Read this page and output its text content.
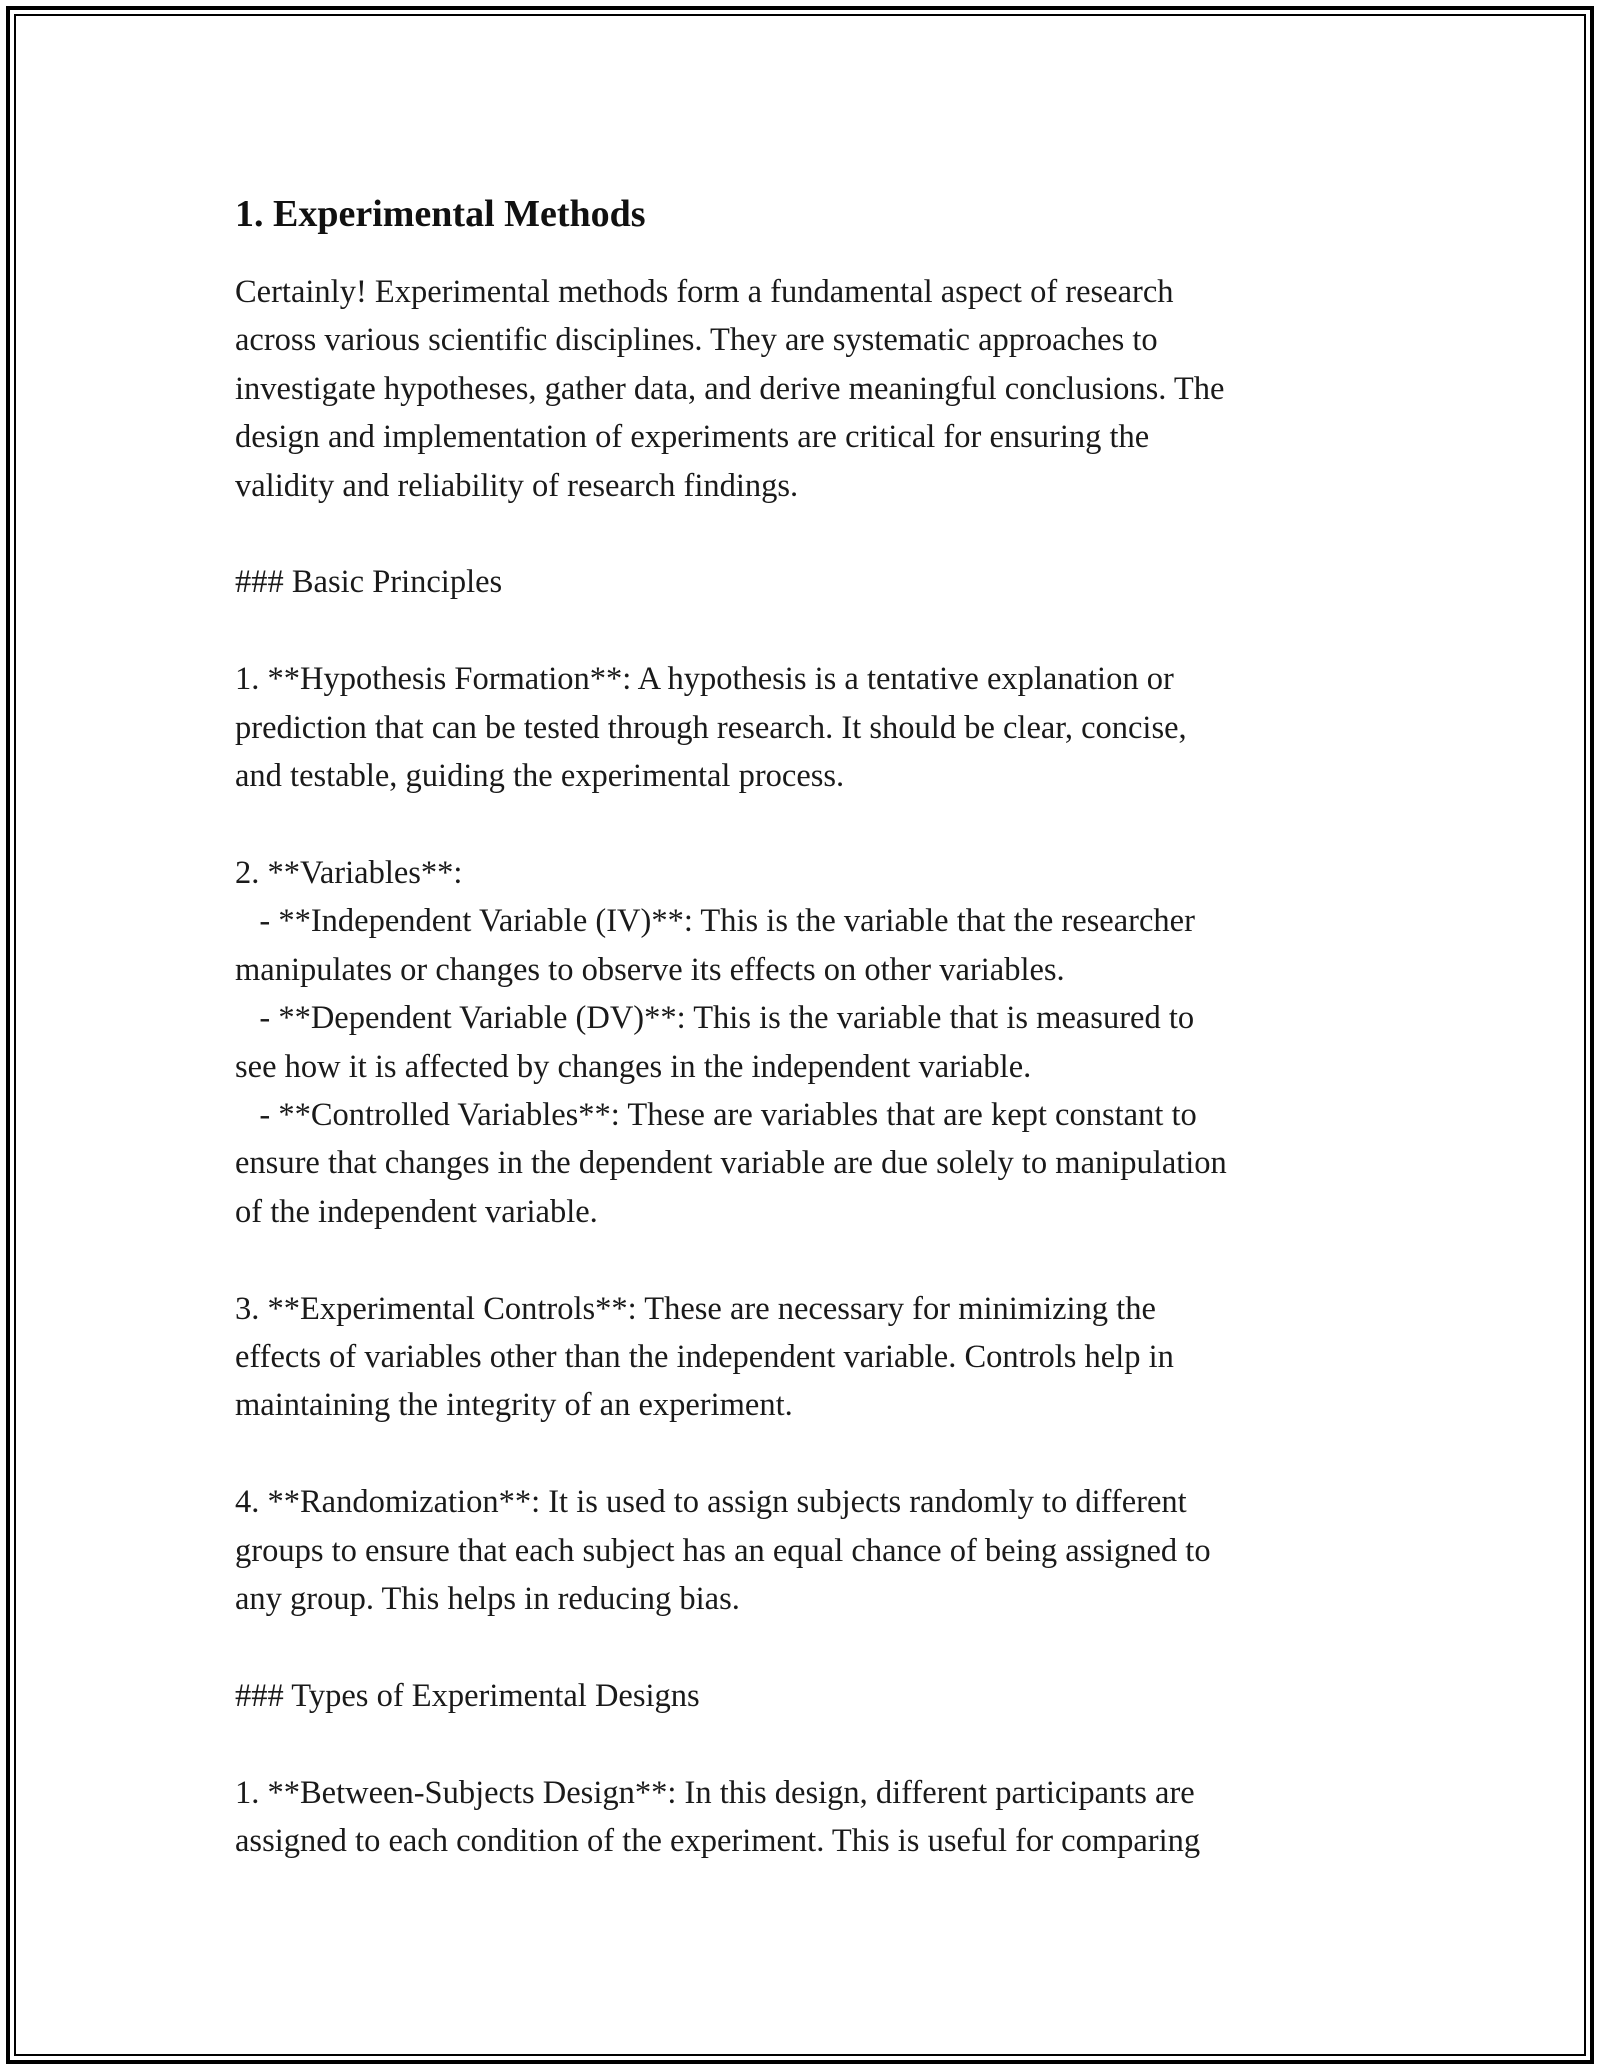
1. Experimental Methods

Certainly! Experimental methods form a fundamental aspect of research
across various scientific disciplines. They are systematic approaches to
investigate hypotheses, gather data, and derive meaningful conclusions. The
design and implementation of experiments are critical for ensuring the
validity and reliability of research findings.

### Basic Principles

1. **Hypothesis Formation**: A hypothesis is a tentative explanation or
prediction that can be tested through research. It should be clear, concise,
and testable, guiding the experimental process.

2. **Variables**:
- **Independent Variable (IV)**: This is the variable that the researcher
manipulates or changes to observe its effects on other variables.
- **Dependent Variable (DV)**: This is the variable that is measured to
see how it is affected by changes in the independent variable.
- **Controlled Variables**: These are variables that are kept constant to
ensure that changes in the dependent variable are due solely to manipulation
of the independent variable.

3. **Experimental Controls**: These are necessary for minimizing the
effects of variables other than the independent variable. Controls help in
maintaining the integrity of an experiment.

4. **Randomization**: It is used to assign subjects randomly to different
groups to ensure that each subject has an equal chance of being assigned to
any group. This helps in reducing bias.

### Types of Experimental Designs

1. **Between-Subjects Design**: In this design, different participants are
assigned to each condition of the experiment. This is useful for comparing
